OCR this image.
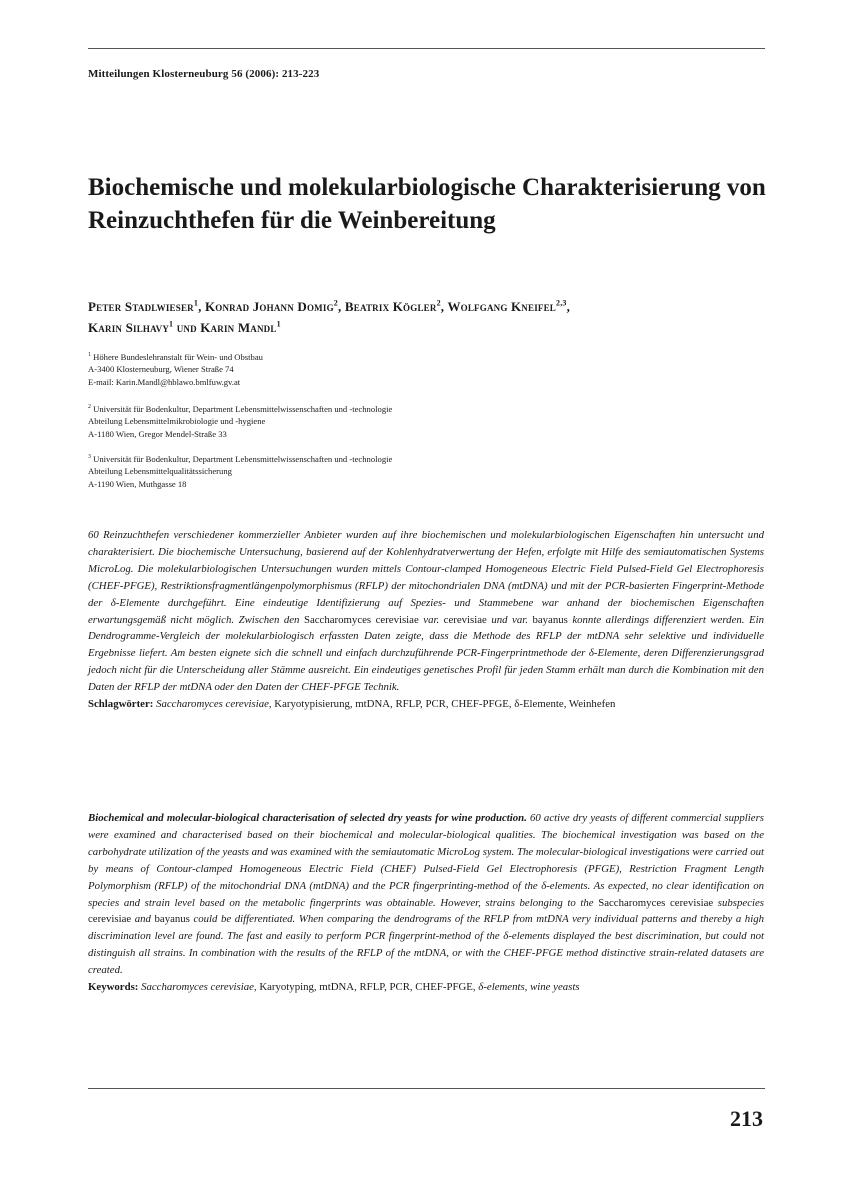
Mitteilungen Klosterneuburg 56 (2006): 213-223
Biochemische und molekularbiologische Charakterisierung von Reinzuchthefen für die Weinbereitung
Peter Stadlwieser$^1$, Konrad Johann Domig$^2$, Beatrix Kögler$^2$, Wolfgang Kneifel$^{2,3}$,
Karin Silhavy$^1$ und Karin Mandl$^1$
$^1$ Höhere Bundeslehranstalt für Wein- und Obstbau
A-3400 Klosterneuburg, Wiener Straße 74
E-mail: Karin.Mandl@hblawo.bmlfuw.gv.at
$^2$ Universität für Bodenkultur, Department Lebensmittelwissenschaften und -technologie
Abteilung Lebensmittelmikrobiologie und -hygiene
A-1180 Wien, Gregor Mendel-Straße 33
$^3$ Universität für Bodenkultur, Department Lebensmittelwissenschaften und -technologie
Abteilung Lebensmittelqualitätssicherung
A-1190 Wien, Muthgasse 18
60 Reinzuchthefen verschiedener kommerzieller Anbieter wurden auf ihre biochemischen und molekularbiologischen Eigenschaften hin untersucht und charakterisiert. Die biochemische Untersuchung, basierend auf der Kohlenhydratverwertung der Hefen, erfolgte mit Hilfe des semiautomatischen Systems MicroLog. Die molekularbiologischen Untersuchungen wurden mittels Contour-clamped Homogeneous Electric Field Pulsed-Field Gel Electrophoresis (CHEF-PFGE), Restriktionsfragmentlängenpolymorphismus (RFLP) der mitochondrialen DNA (mtDNA) und mit der PCR-basierten Fingerprint-Methode der δ-Elemente durchgeführt. Eine eindeutige Identifizierung auf Spezies- und Stammebene war anhand der biochemischen Eigenschaften erwartungsgemäß nicht möglich. Zwischen den Saccharomyces cerevisiae var. cerevisiae und var. bayanus konnte allerdings differenziert werden. Ein Dendrogramme-Vergleich der molekularbiologisch erfassten Daten zeigte, dass die Methode des RFLP der mtDNA sehr selektive und individuelle Ergebnisse liefert. Am besten eignete sich die schnell und einfach durchzuführende PCR-Fingerprintmethode der δ-Elemente, deren Differenzierungsgrad jedoch nicht für die Unterscheidung aller Stämme ausreicht. Ein eindeutiges genetisches Profil für jeden Stamm erhält man durch die Kombination mit den Daten der RFLP der mtDNA oder den Daten der CHEF-PFGE Technik.
Schlagwörter: Saccharomyces cerevisiae, Karyotypisierung, mtDNA, RFLP, PCR, CHEF-PFGE, δ-Elemente, Weinhefen
Biochemical and molecular-biological characterisation of selected dry yeasts for wine production. 60 active dry yeasts of different commercial suppliers were examined and characterised based on their biochemical and molecular-biological qualities. The biochemical investigation was based on the carbohydrate utilization of the yeasts and was examined with the semiautomatic MicroLog system. The molecular-biological investigations were carried out by means of Contour-clamped Homogeneous Electric Field (CHEF) Pulsed-Field Gel Electrophoresis (PFGE), Restriction Fragment Length Polymorphism (RFLP) of the mitochondrial DNA (mtDNA) and the PCR fingerprinting-method of the δ-elements. As expected, no clear identification on species and strain level based on the metabolic fingerprints was obtainable. However, strains belonging to the Saccharomyces cerevisiae subspecies cerevisiae and bayanus could be differentiated. When comparing the dendrograms of the RFLP from mtDNA very individual patterns and thereby a high discrimination level are found. The fast and easily to perform PCR fingerprint-method of the δ-elements displayed the best discrimination, but could not distinguish all strains. In combination with the results of the RFLP of the mtDNA, or with the CHEF-PFGE method distinctive strain-related datasets are created.
Keywords: Saccharomyces cerevisiae, Karyotyping, mtDNA, RFLP, PCR, CHEF-PFGE, δ-elements, wine yeasts
213
